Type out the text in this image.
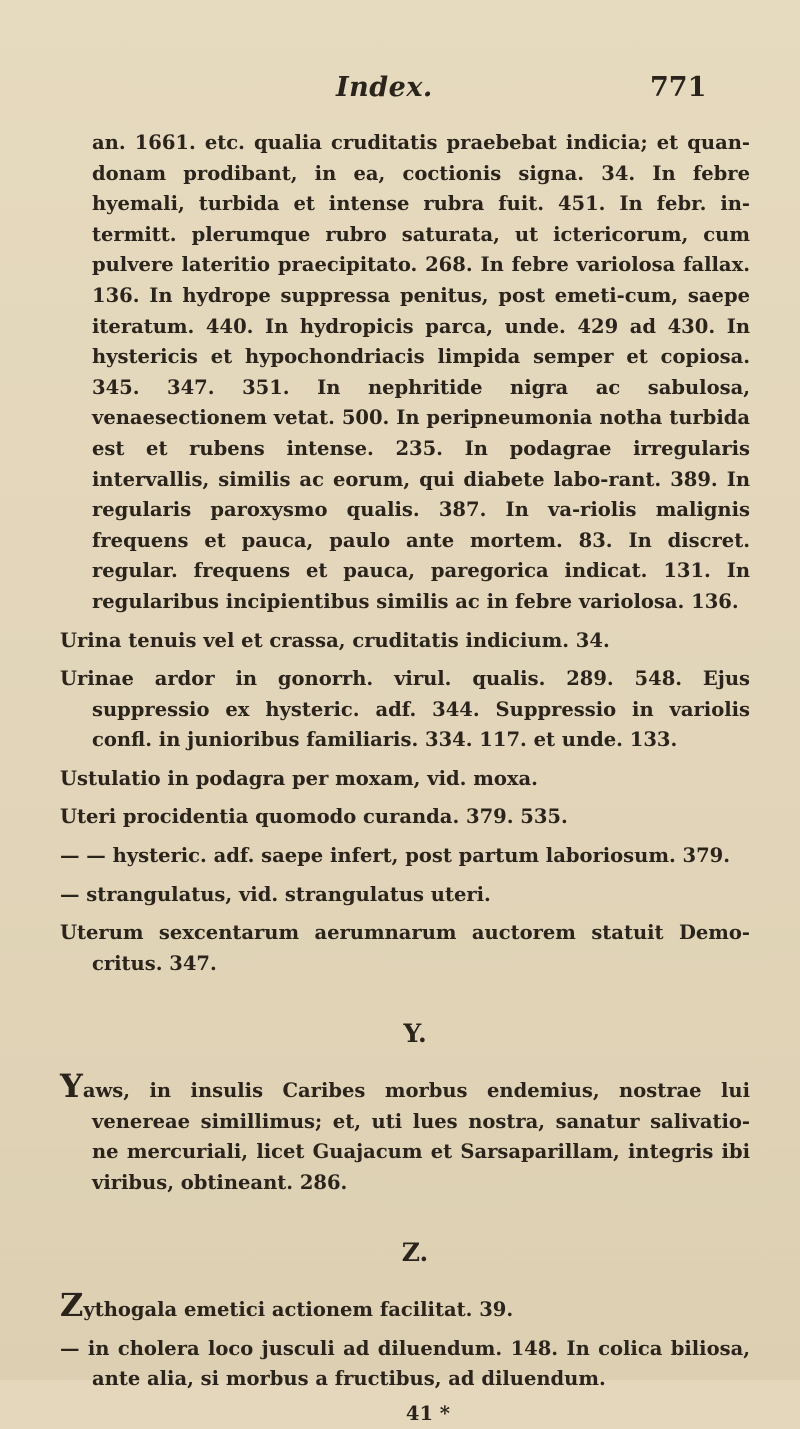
Index.	771

an. 1661. etc. qualia cruditatis praebebat indicia; et quan-donam prodibant, in ea, coctionis signa. 34. In febre hyemali, turbida et intense rubra fuit. 451. In febr. in-termitt. plerumque rubro saturata, ut ictericorum, cum pulvere lateritio praecipitato. 268. In febre variolosa fallax. 136. In hydrope suppressa penitus, post emeti-cum, saepe iteratum. 440. In hydropicis parca, unde. 429 ad 430. In hystericis et hypochondriacis limpida semper et copiosa. 345. 347. 351. In nephritide nigra ac sabulosa, venaesectionem vetat. 500. In peripneumonia notha turbida est et rubens intense. 235. In podagrae irregularis intervallis, similis ac eorum, qui diabete labo-rant. 389. In regularis paroxysmo qualis. 387. In va-riolis malignis frequens et pauca, paulo ante mortem. 83. In discret. regular. frequens et pauca, paregorica indicat. 131. In regularibus incipientibus similis ac in febre variolosa. 136.

Urina tenuis vel et crassa, cruditatis indicium. 34.

Urinae ardor in gonorrh. virul. qualis. 289. 548. Ejus suppressio ex hysteric. adf. 344. Suppressio in variolis confl. in junioribus familiaris. 334. 117. et unde. 133.

Ustulatio in podagra per moxam, vid. moxa.

Uteri procidentia quomodo curanda. 379. 535.

— — hysteric. adf. saepe infert, post partum laboriosum. 379.

— strangulatus, vid. strangulatus uteri.

Uterum sexcentarum aerumnarum auctorem statuit Demo-critus. 347.

Y.

Yaws, in insulis Caribes morbus endemius, nostrae lui venereae simillimus; et, uti lues nostra, sanatur salivatio-ne mercuriali, licet Guajacum et Sarsaparillam, integris ibi viribus, obtineant. 286.

Z.

Zythogala emetici actionem facilitat. 39.

— in cholera loco jusculi ad diluendum. 148. In colica biliosa, ante alia, si morbus a fructibus, ad diluendum.

41 *
